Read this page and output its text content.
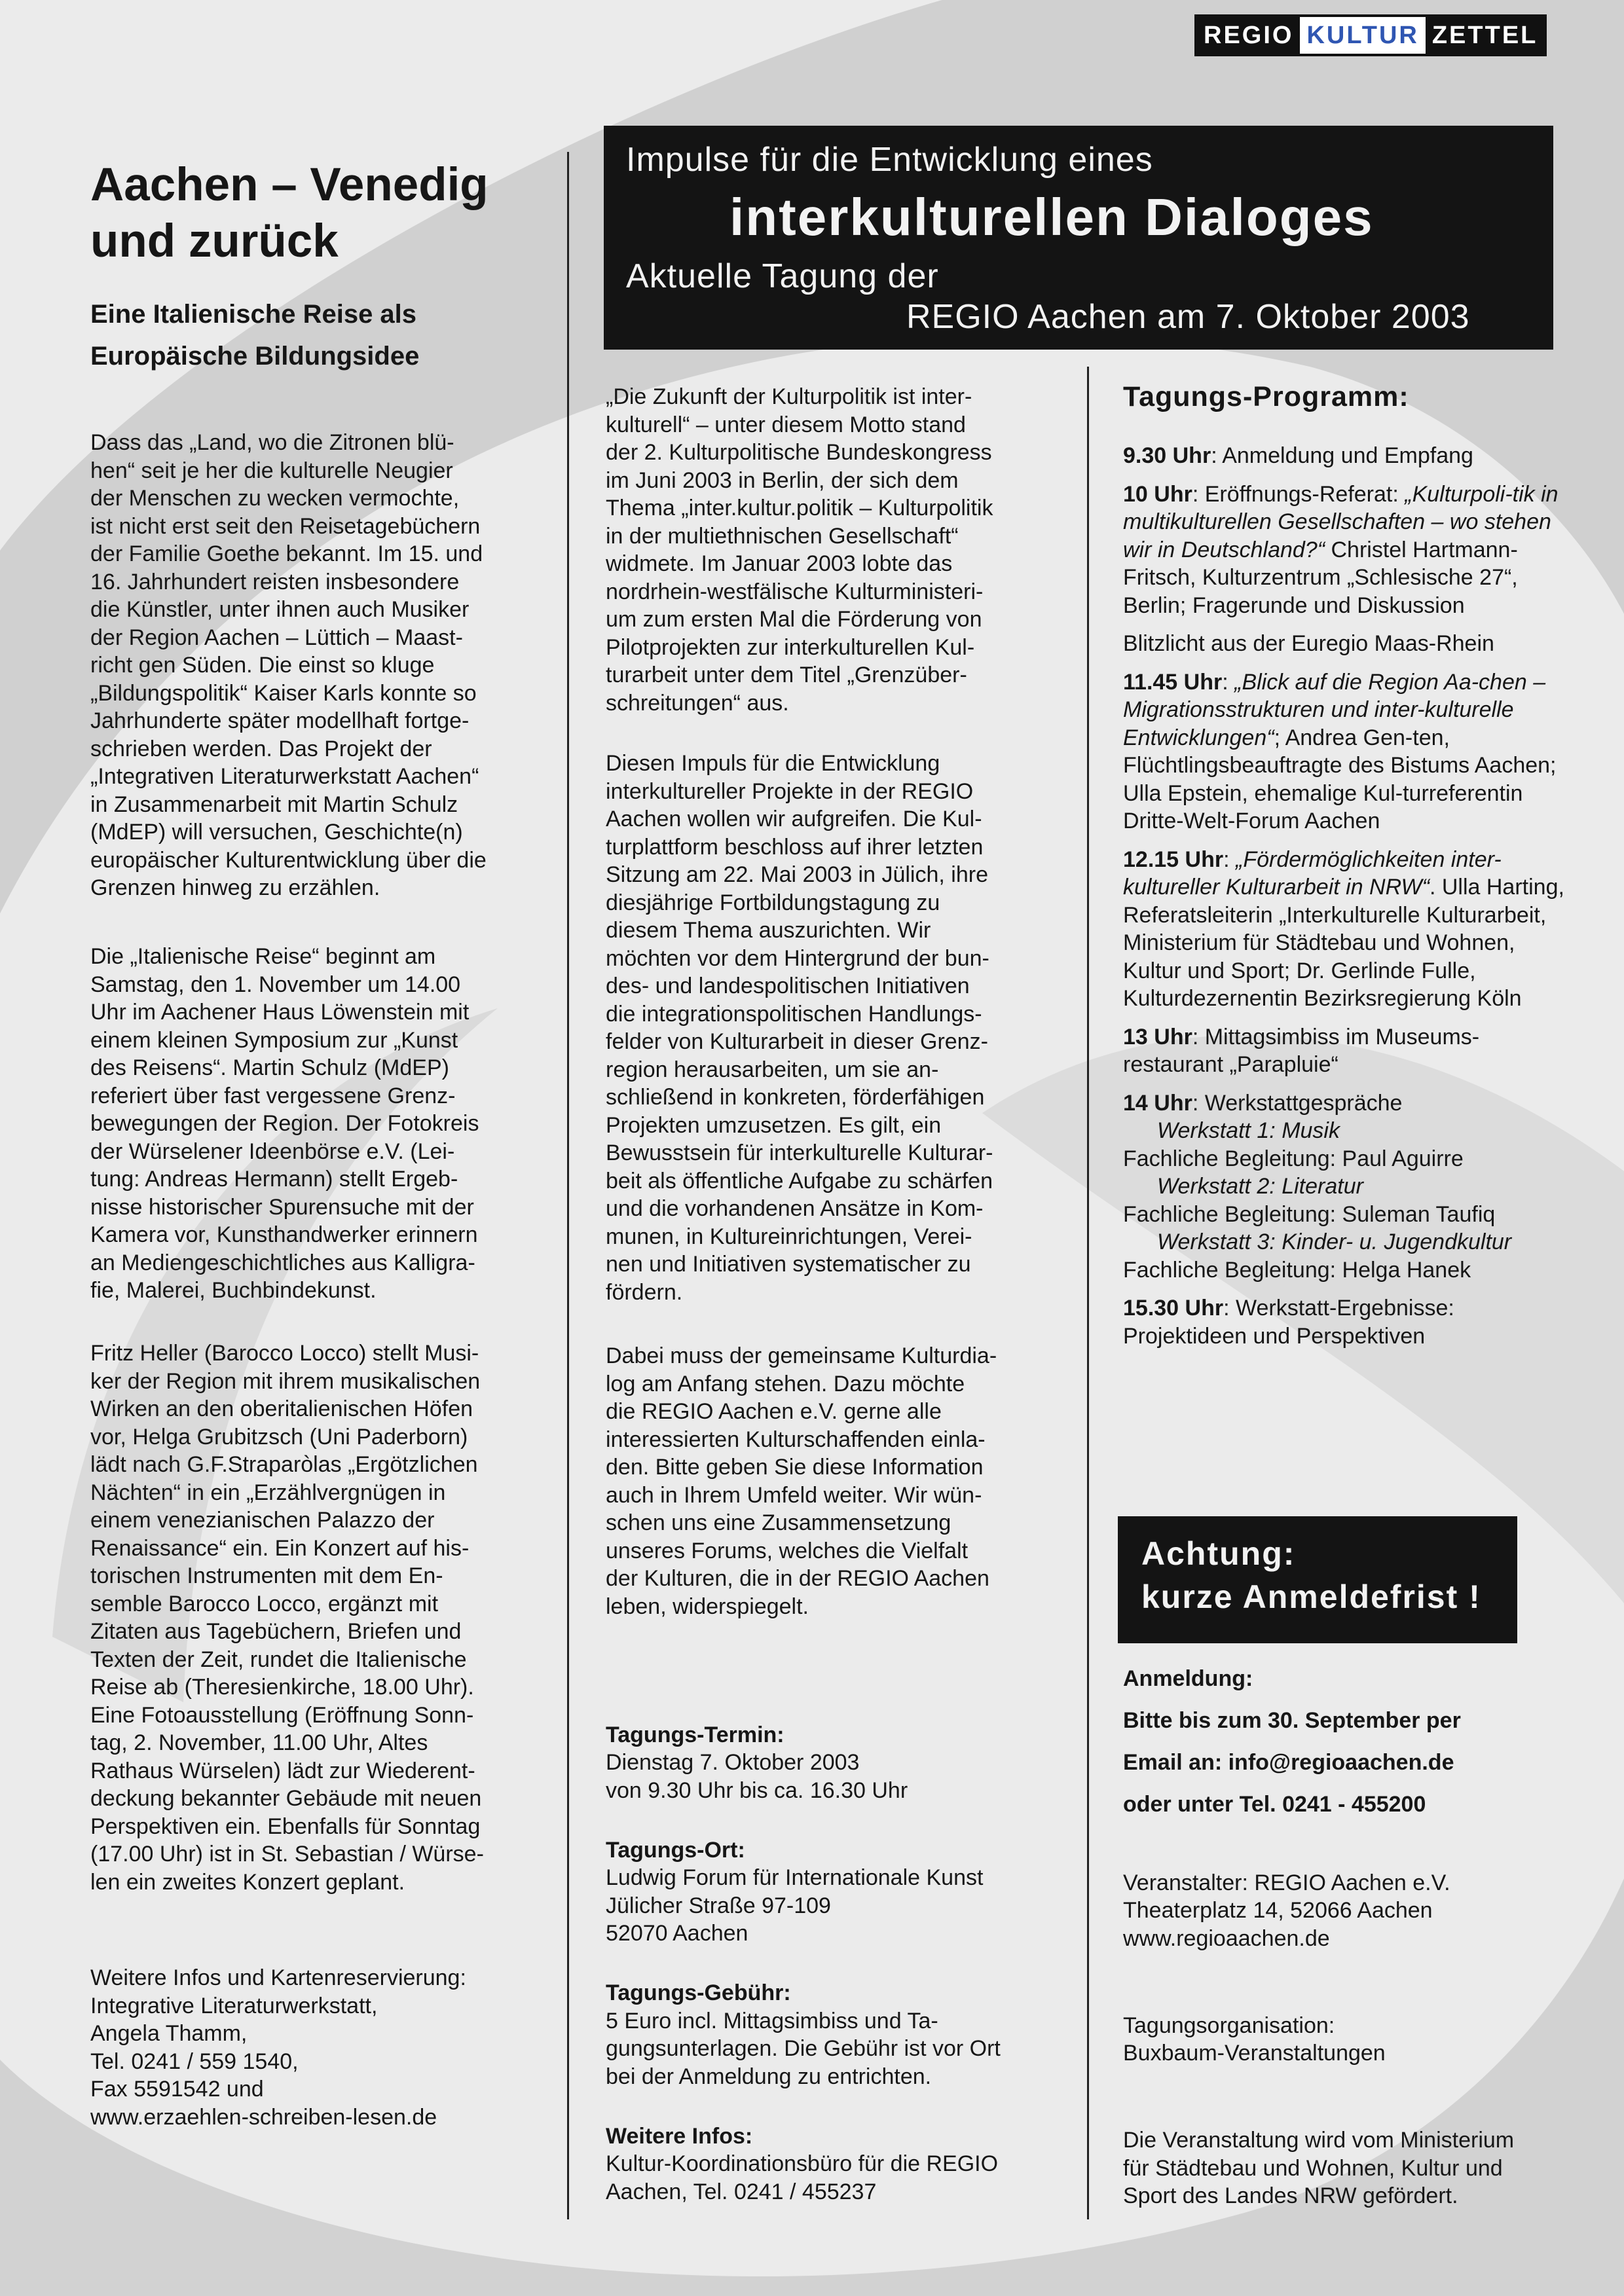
REGIO KULTUR ZETTEL
Aachen – Venedig und zurück
Eine Italienische Reise als Europäische Bildungsidee
Dass das „Land, wo die Zitronen blü-
hen“ seit je her die kulturelle Neugier
der Menschen zu wecken vermochte,
ist nicht erst seit den Reisetagebüchern
der Familie Goethe bekannt. Im 15. und
16. Jahrhundert reisten insbesondere
die Künstler, unter ihnen auch Musiker
der Region Aachen – Lüttich – Maast-
richt gen Süden. Die einst so kluge
„Bildungspolitik“ Kaiser Karls konnte so
Jahrhunderte später modellhaft fortge-
schrieben werden. Das Projekt der
„Integrativen Literaturwerkstatt Aachen“
in Zusammenarbeit mit Martin Schulz
(MdEP) will versuchen, Geschichte(n)
europäischer Kulturentwicklung über die
Grenzen hinweg zu erzählen.
Die „Italienische Reise“ beginnt am
Samstag, den 1. November um 14.00
Uhr im Aachener Haus Löwenstein mit
einem kleinen Symposium zur „Kunst
des Reisens“. Martin Schulz (MdEP)
referiert über fast vergessene Grenz-
bewegungen der Region. Der Fotokreis
der Würselener Ideenbörse e.V. (Lei-
tung: Andreas Hermann) stellt Ergeb-
nisse historischer Spurensuche mit der
Kamera vor, Kunsthandwerker erinnern
an Mediengeschichtliches aus Kalligra-
fie, Malerei, Buchbindekunst.
Fritz Heller (Barocco Locco) stellt Musi-
ker der Region mit ihrem musikalischen
Wirken an den oberitalienischen Höfen
vor, Helga Grubitzsch (Uni Paderborn)
lädt nach G.F.Straparòlas „Ergötzlichen
Nächten“ in ein „Erzählvergnügen in
einem venezianischen Palazzo der
Renaissance“ ein. Ein Konzert auf his-
torischen Instrumenten mit dem En-
semble Barocco Locco, ergänzt mit
Zitaten aus Tagebüchern, Briefen und
Texten der Zeit, rundet die Italienische
Reise ab (Theresienkirche, 18.00 Uhr).
Eine Fotoausstellung (Eröffnung Sonn-
tag, 2. November, 11.00 Uhr, Altes
Rathaus Würselen) lädt zur Wiederent-
deckung bekannter Gebäude mit neuen
Perspektiven ein. Ebenfalls für Sonntag
(17.00 Uhr) ist in St. Sebastian / Würse-
len ein zweites Konzert geplant.
Weitere Infos und Kartenreservierung:
Integrative Literaturwerkstatt,
Angela Thamm,
Tel. 0241 / 559 1540,
Fax 5591542 und
www.erzaehlen-schreiben-lesen.de
Impulse für die Entwicklung eines
interkulturellen Dialoges
Aktuelle Tagung der
REGIO Aachen am 7. Oktober 2003
„Die Zukunft der Kulturpolitik ist inter-
kulturell“ – unter diesem Motto stand
der 2. Kulturpolitische Bundeskongress
im Juni 2003 in Berlin, der sich dem
Thema „inter.kultur.politik – Kulturpolitik
in der multiethnischen Gesellschaft“
widmete. Im Januar 2003 lobte das
nordrhein-westfälische Kulturministeri-
um zum ersten Mal die Förderung von
Pilotprojekten zur interkulturellen Kul-
turarbeit unter dem Titel „Grenzüber-
schreitungen“ aus.
Diesen Impuls für die Entwicklung
interkultureller Projekte in der REGIO
Aachen wollen wir aufgreifen. Die Kul-
turplattform beschloss auf ihrer letzten
Sitzung am 22. Mai 2003 in Jülich, ihre
diesjährige Fortbildungstagung zu
diesem Thema auszurichten. Wir
möchten vor dem Hintergrund der bun-
des- und landespolitischen Initiativen
die integrationspolitischen Handlungs-
felder von Kulturarbeit in dieser Grenz-
region herausarbeiten, um sie an-
schließend in konkreten, förderfähigen
Projekten umzusetzen. Es gilt, ein
Bewusstsein für interkulturelle Kulturar-
beit als öffentliche Aufgabe zu schärfen
und die vorhandenen Ansätze in Kom-
munen, in Kultureinrichtungen, Verei-
nen und Initiativen systematischer zu
fördern.
Dabei muss der gemeinsame Kulturdia-
log am Anfang stehen. Dazu möchte
die REGIO Aachen e.V. gerne alle
interessierten Kulturschaffenden einla-
den. Bitte geben Sie diese Information
auch in Ihrem Umfeld weiter. Wir wün-
schen uns eine Zusammensetzung
unseres Forums, welches die Vielfalt
der Kulturen, die in der REGIO Aachen
leben, widerspiegelt.

Tagungs-Termin:
Dienstag 7. Oktober 2003
von 9.30 Uhr bis ca. 16.30 Uhr

Tagungs-Ort:
Ludwig Forum für Internationale Kunst
Jülicher Straße 97-109
52070 Aachen

Tagungs-Gebühr:
5 Euro incl. Mittagsimbiss und Ta-
gungsunterlagen. Die Gebühr ist vor Ort
bei der Anmeldung zu entrichten.

Weitere Infos:
Kultur-Koordinationsbüro für die REGIO
Aachen, Tel. 0241 / 455237

Tagungs-Programm:

9.30 Uhr: Anmeldung und Empfang

10 Uhr: Eröffnungs-Referat: „Kulturpoli-tik in multikulturellen Gesellschaften – wo stehen wir in Deutschland?“ Christel Hartmann-Fritsch, Kulturzentrum „Schlesische 27“, Berlin; Fragerunde und Diskussion

Blitzlicht aus der Euregio Maas-Rhein

11.45 Uhr: „Blick auf die Region Aa-chen – Migrationsstrukturen und inter-kulturelle Entwicklungen“; Andrea Gen-ten, Flüchtlingsbeauftragte des Bistums Aachen; Ulla Epstein, ehemalige Kul-turreferentin Dritte-Welt-Forum Aachen

12.15 Uhr: „Fördermöglichkeiten inter-kultureller Kulturarbeit in NRW“. Ulla Harting, Referatsleiterin „Interkulturelle Kulturarbeit, Ministerium für Städtebau und Wohnen, Kultur und Sport; Dr. Gerlinde Fulle, Kulturdezernentin Bezirksregierung Köln

13 Uhr: Mittagsimbiss im Museums-restaurant „Parapluie“

14 Uhr: Werkstattgespräche
Werkstatt 1: Musik
Fachliche Begleitung: Paul Aguirre
Werkstatt 2: Literatur
Fachliche Begleitung: Suleman Taufiq
Werkstatt 3: Kinder- u. Jugendkultur
Fachliche Begleitung: Helga Hanek

15.30 Uhr: Werkstatt-Ergebnisse: Projektideen und Perspektiven

Achtung:
kurze Anmeldefrist !
Anmeldung:
Bitte bis zum 30. September per
Email an: info@regioaachen.de
oder unter Tel. 0241 - 455200

Veranstalter: REGIO Aachen e.V.
Theaterplatz 14, 52066 Aachen
www.regioaachen.de

Tagungsorganisation:
Buxbaum-Veranstaltungen

Die Veranstaltung wird vom Ministerium
für Städtebau und Wohnen, Kultur und
Sport des Landes NRW gefördert.
